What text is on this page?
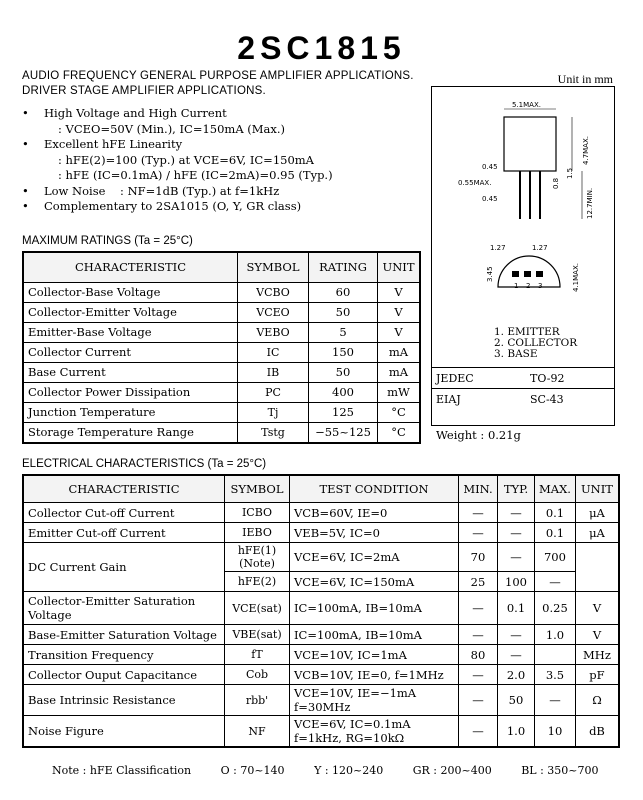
2SC1815
AUDIO FREQUENCY GENERAL PURPOSE AMPLIFIER APPLICATIONS.
DRIVER STAGE AMPLIFIER APPLICATIONS.
Unit in mm
•	High Voltage and High Current
: VCEO=50V (Min.), IC=150mA (Max.)
•	Excellent hFE Linearity
: hFE(2)=100 (Typ.) at VCE=6V, IC=150mA
: hFE (IC=0.1mA) / hFE (IC=2mA)=0.95 (Typ.)
•	Low Noise    : NF=1dB (Typ.) at f=1kHz
•	Complementary to 2SA1015 (O, Y, GR class)
MAXIMUM RATINGS (Ta = 25°C)
CHARACTERISTIC	SYMBOL	RATING	UNIT
Collector-Base Voltage	VCBO	60	V
Collector-Emitter Voltage	VCEO	50	V
Emitter-Base Voltage	VEBO	5	V
Collector Current	IC	150	mA
Base Current	IB	50	mA
Collector Power Dissipation	PC	400	mW
Junction Temperature	Tj	125	°C
Storage Temperature Range	Tstg	−55~125	°C
5.1MAX.
4.7MAX.
0.45
0.55MAX.
0.45
0.8
1.5
12.7MIN.
1.27	1.27
1 2 3
3.45	4.1MAX.
1. EMITTER
2. COLLECTOR
3. BASE
JEDEC	TO-92
EIAJ	SC-43
Weight : 0.21g
ELECTRICAL CHARACTERISTICS (Ta = 25°C)
CHARACTERISTIC	SYMBOL	TEST CONDITION	MIN.	TYP.	MAX.	UNIT
Collector Cut-off Current	ICBO	VCB=60V, IE=0	—	—	0.1	μA
Emitter Cut-off Current	IEBO	VEB=5V, IC=0	—	—	0.1	μA
DC Current Gain	hFE(1) (Note)	VCE=6V, IC=2mA	70	—	700	
	hFE(2)	VCE=6V, IC=150mA	25	100	—	
Collector-Emitter Saturation Voltage	VCE(sat)	IC=100mA, IB=10mA	—	0.1	0.25	V
Base-Emitter Saturation Voltage	VBE(sat)	IC=100mA, IB=10mA	—	—	1.0	V
Transition Frequency	fT	VCE=10V, IC=1mA	80	—		MHz
Collector Ouput Capacitance	Cob	VCB=10V, IE=0, f=1MHz	—	2.0	3.5	pF
Base Intrinsic Resistance	rbb'	VCE=10V, IE=−1mA f=30MHz	—	50	—	Ω
Noise Figure	NF	VCE=6V, IC=0.1mA f=1kHz, RG=10kΩ	—	1.0	10	dB
Note : hFE Classification	O : 70~140	Y : 120~240	GR : 200~400	BL : 350~700
